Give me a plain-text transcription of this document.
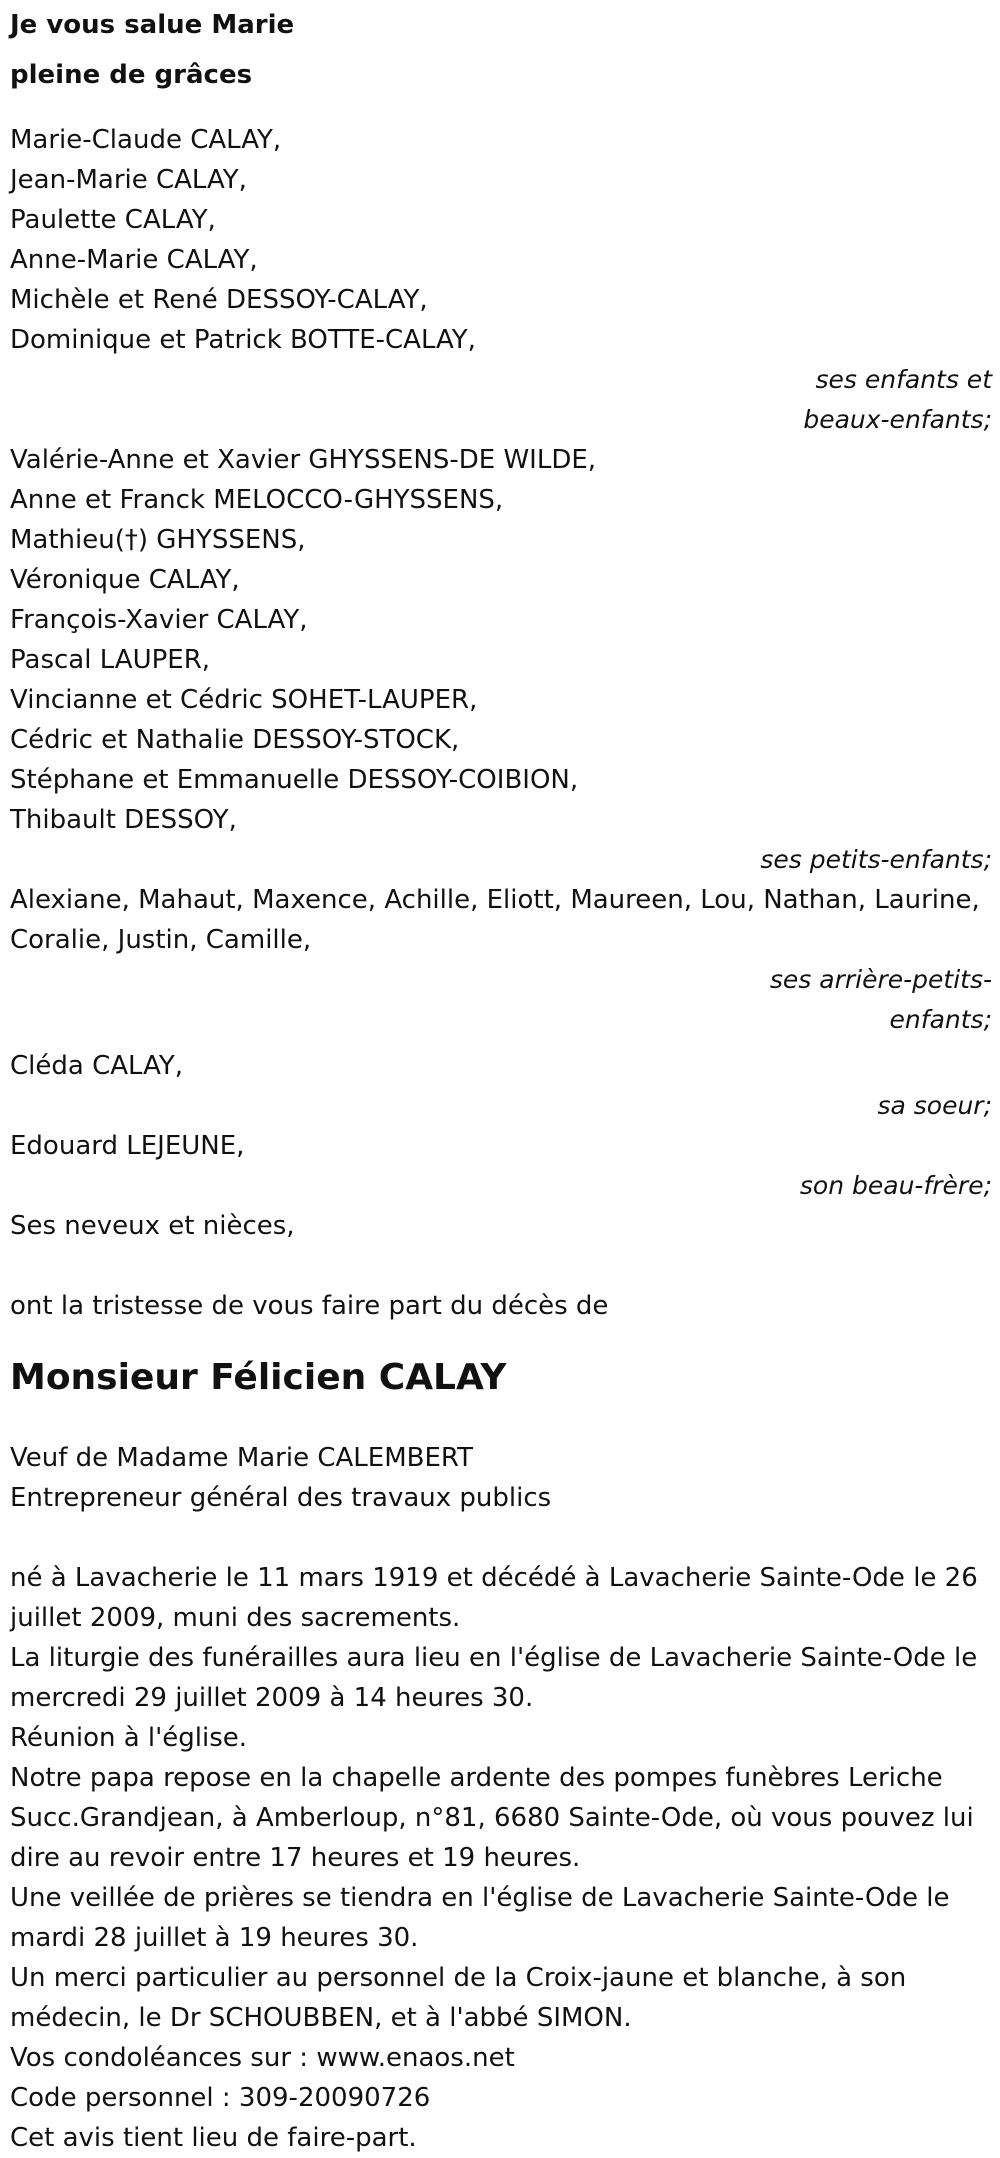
Je vous salue Marie
pleine de grâces
Marie-Claude CALAY,
Jean-Marie CALAY,
Paulette CALAY,
Anne-Marie CALAY,
Michèle et René DESSOY-CALAY,
Dominique et Patrick BOTTE-CALAY,
ses enfants et
beaux-enfants;
Valérie-Anne et Xavier GHYSSENS-DE WILDE,
Anne et Franck MELOCCO-GHYSSENS,
Mathieu(†) GHYSSENS,
Véronique CALAY,
François-Xavier CALAY,
Pascal LAUPER,
Vincianne et Cédric SOHET-LAUPER,
Cédric et Nathalie DESSOY-STOCK,
Stéphane et Emmanuelle DESSOY-COIBION,
Thibault DESSOY,
ses petits-enfants;
Alexiane, Mahaut, Maxence, Achille, Eliott, Maureen, Lou, Nathan, Laurine,
Coralie, Justin, Camille,
ses arrière-petits-
enfants;
Cléda CALAY,
sa soeur;
Edouard LEJEUNE,
son beau-frère;
Ses neveux et nièces,
ont la tristesse de vous faire part du décès de
Monsieur Félicien CALAY
Veuf de Madame Marie CALEMBERT
Entrepreneur général des travaux publics
né à Lavacherie le 11 mars 1919 et décédé à Lavacherie Sainte-Ode le 26
juillet 2009, muni des sacrements.
La liturgie des funérailles aura lieu en l'église de Lavacherie Sainte-Ode le
mercredi 29 juillet 2009 à 14 heures 30.
Réunion à l'église.
Notre papa repose en la chapelle ardente des pompes funèbres Leriche
Succ.Grandjean, à Amberloup, n°81, 6680 Sainte-Ode, où vous pouvez lui
dire au revoir entre 17 heures et 19 heures.
Une veillée de prières se tiendra en l'église de Lavacherie Sainte-Ode le
mardi 28 juillet à 19 heures 30.
Un merci particulier au personnel de la Croix-jaune et blanche, à son
médecin, le Dr SCHOUBBEN, et à l'abbé SIMON.
Vos condoléances sur : www.enaos.net
Code personnel : 309-20090726
Cet avis tient lieu de faire-part.
